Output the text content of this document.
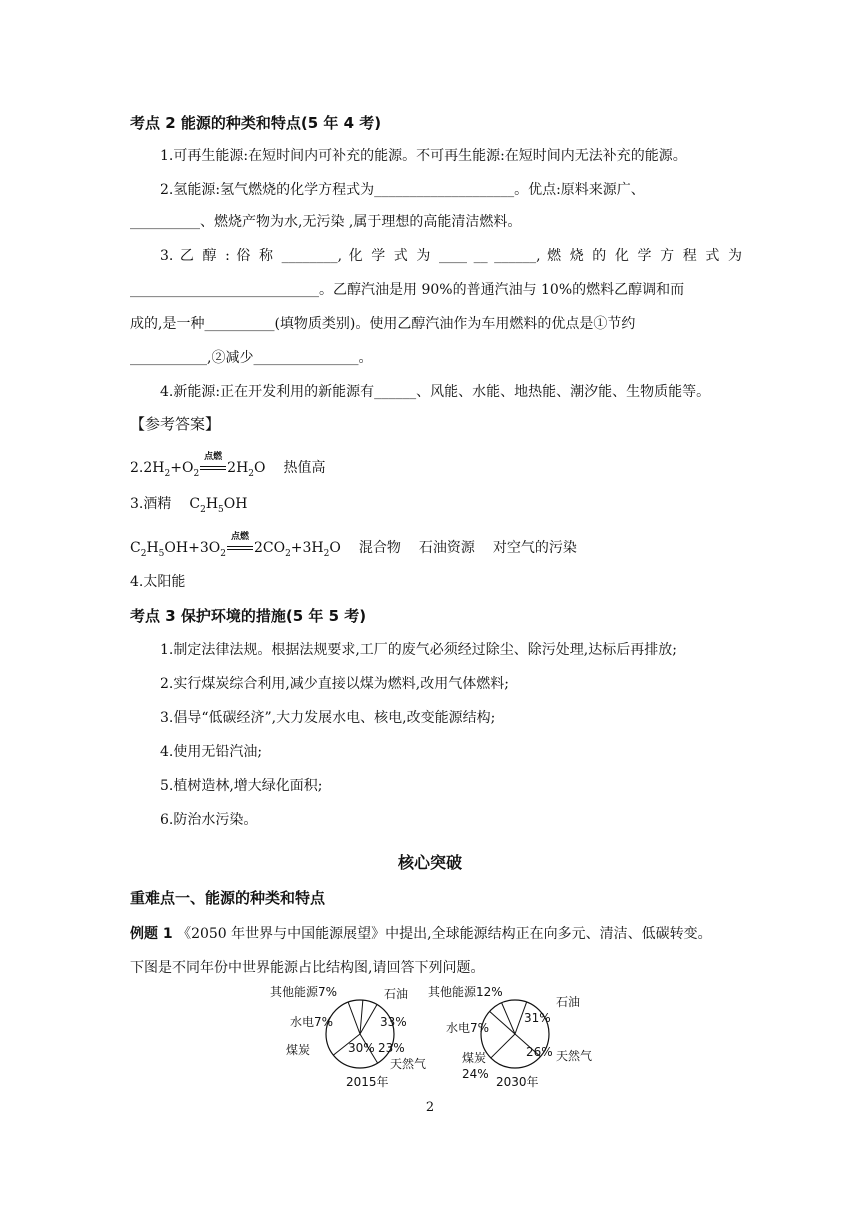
考点 2 能源的种类和特点(5 年 4 考)
1.可再生能源:在短时间内可补充的能源。不可再生能源:在短时间内无法补充的能源。
2.氢能源:氢气燃烧的化学方程式为____________________。优点:原料来源广、
__________、燃烧产物为水,无污染 ,属于理想的高能清洁燃料。
3. 乙 醇 : 俗 称 ________, 化 学 式 为 ____ __ ______, 燃 烧 的 化 学 方 程 式 为
___________________________。乙醇汽油是用 90%的普通汽油与 10%的燃料乙醇调和而
成的,是一种__________(填物质类别)。使用乙醇汽油作为车用燃料的优点是①节约
___________,②减少_______________。
4.新能源:正在开发利用的新能源有______、风能、水能、地热能、潮汐能、生物质能等。
【参考答案】
$2.2H_2+O_2$
点燃
$2H_2O$ 热值高
3.酒精 $C_2H_5OH$
$C_2H_5OH+3O_2$
点燃
$2CO_2+3H_2O$ 混合物 石油资源 对空气的污染
4.太阳能
考点 3 保护环境的措施(5 年 5 考)
1.制定法律法规。根据法规要求,工厂的废气必须经过除尘、除污处理,达标后再排放;
2.实行煤炭综合利用,减少直接以煤为燃料,改用气体燃料;
3.倡导“低碳经济”,大力发展水电、核电,改变能源结构;
4.使用无铅汽油;
5.植树造林,增大绿化面积;
6.防治水污染。
核心突破
重难点一、能源的种类和特点
例题 1 《2050 年世界与中国能源展望》中提出,全球能源结构正在向多元、清洁、低碳转变。
下图是不同年份中世界能源占比结构图,请回答下列问题。
其他能源7%	石油
水电7%
煤炭
天然气
33%
30% 23%
2015年
其他能源12%
石油
水电7%
煤炭
24%
天然气
31%
26%
2030年
2
